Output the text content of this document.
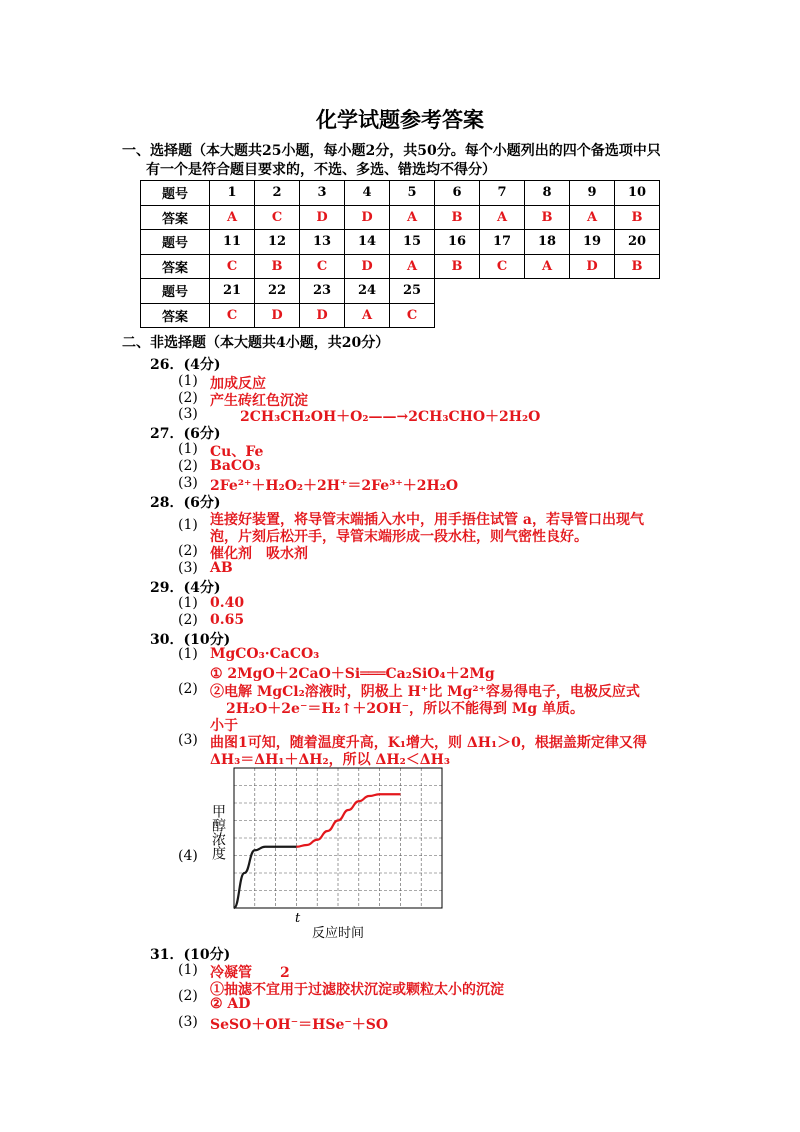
化学试题参考答案
一、选择题（本大题共25小题，每小题2分，共50分。每个小题列出的四个备选项中只
有一个是符合题目要求的，不选、多选、错选均不得分）
题号	1	2	3	4	5	6	7	8	9	10
答案	A	C	D	D	A	B	A	B	A	B
题号	11	12	13	14	15	16	17	18	19	20
答案	C	B	C	D	A	B	C	A	D	B
题号	21	22	23	24	25					
答案	C	D	D	A	C					
二、非选择题（本大题共4小题，共20分）
26．(4分)
(1) 加成反应
(2) 产生砖红色沉淀
(3)	2CH₃CH₂OH＋O₂——→2CH₃CHO＋2H₂O
27．(6分)
(1) Cu、Fe
(2) BaCO₃
(3) 2Fe²⁺＋H₂O₂＋2H⁺＝2Fe³⁺＋2H₂O
28．(6分)
(1) 连接好装置，将导管末端插入水中，用手捂住试管 a，若导管口出现气
泡，片刻后松开手，导管末端形成一段水柱，则气密性良好。
(2) 催化剂　吸水剂
(3) AB
29．(4分)
(1) 0.40
(2) 0.65
30．(10分)
(1) MgCO₃·CaCO₃
① 2MgO＋2CaO＋Si═══Ca₂SiO₄＋2Mg
(2) ②电解 MgCl₂溶液时，阴极上 H⁺比 Mg²⁺容易得电子，电极反应式
2H₂O＋2e⁻＝H₂↑＋2OH⁻，所以不能得到 Mg 单质。
小于
(3) 曲图1可知，随着温度升高，K₁增大，则 ΔH₁＞0，根据盖斯定律又得
ΔH₃＝ΔH₁＋ΔH₂，所以 ΔH₂＜ΔH₃
(4) 甲醇浓度
t
反应时间
31．(10分)
(1) 冷凝管　　2
(2) ①抽滤不宜用于过滤胶状沉淀或颗粒太小的沉淀
② AD
(3) SeSO＋OH⁻＝HSe⁻＋SO
